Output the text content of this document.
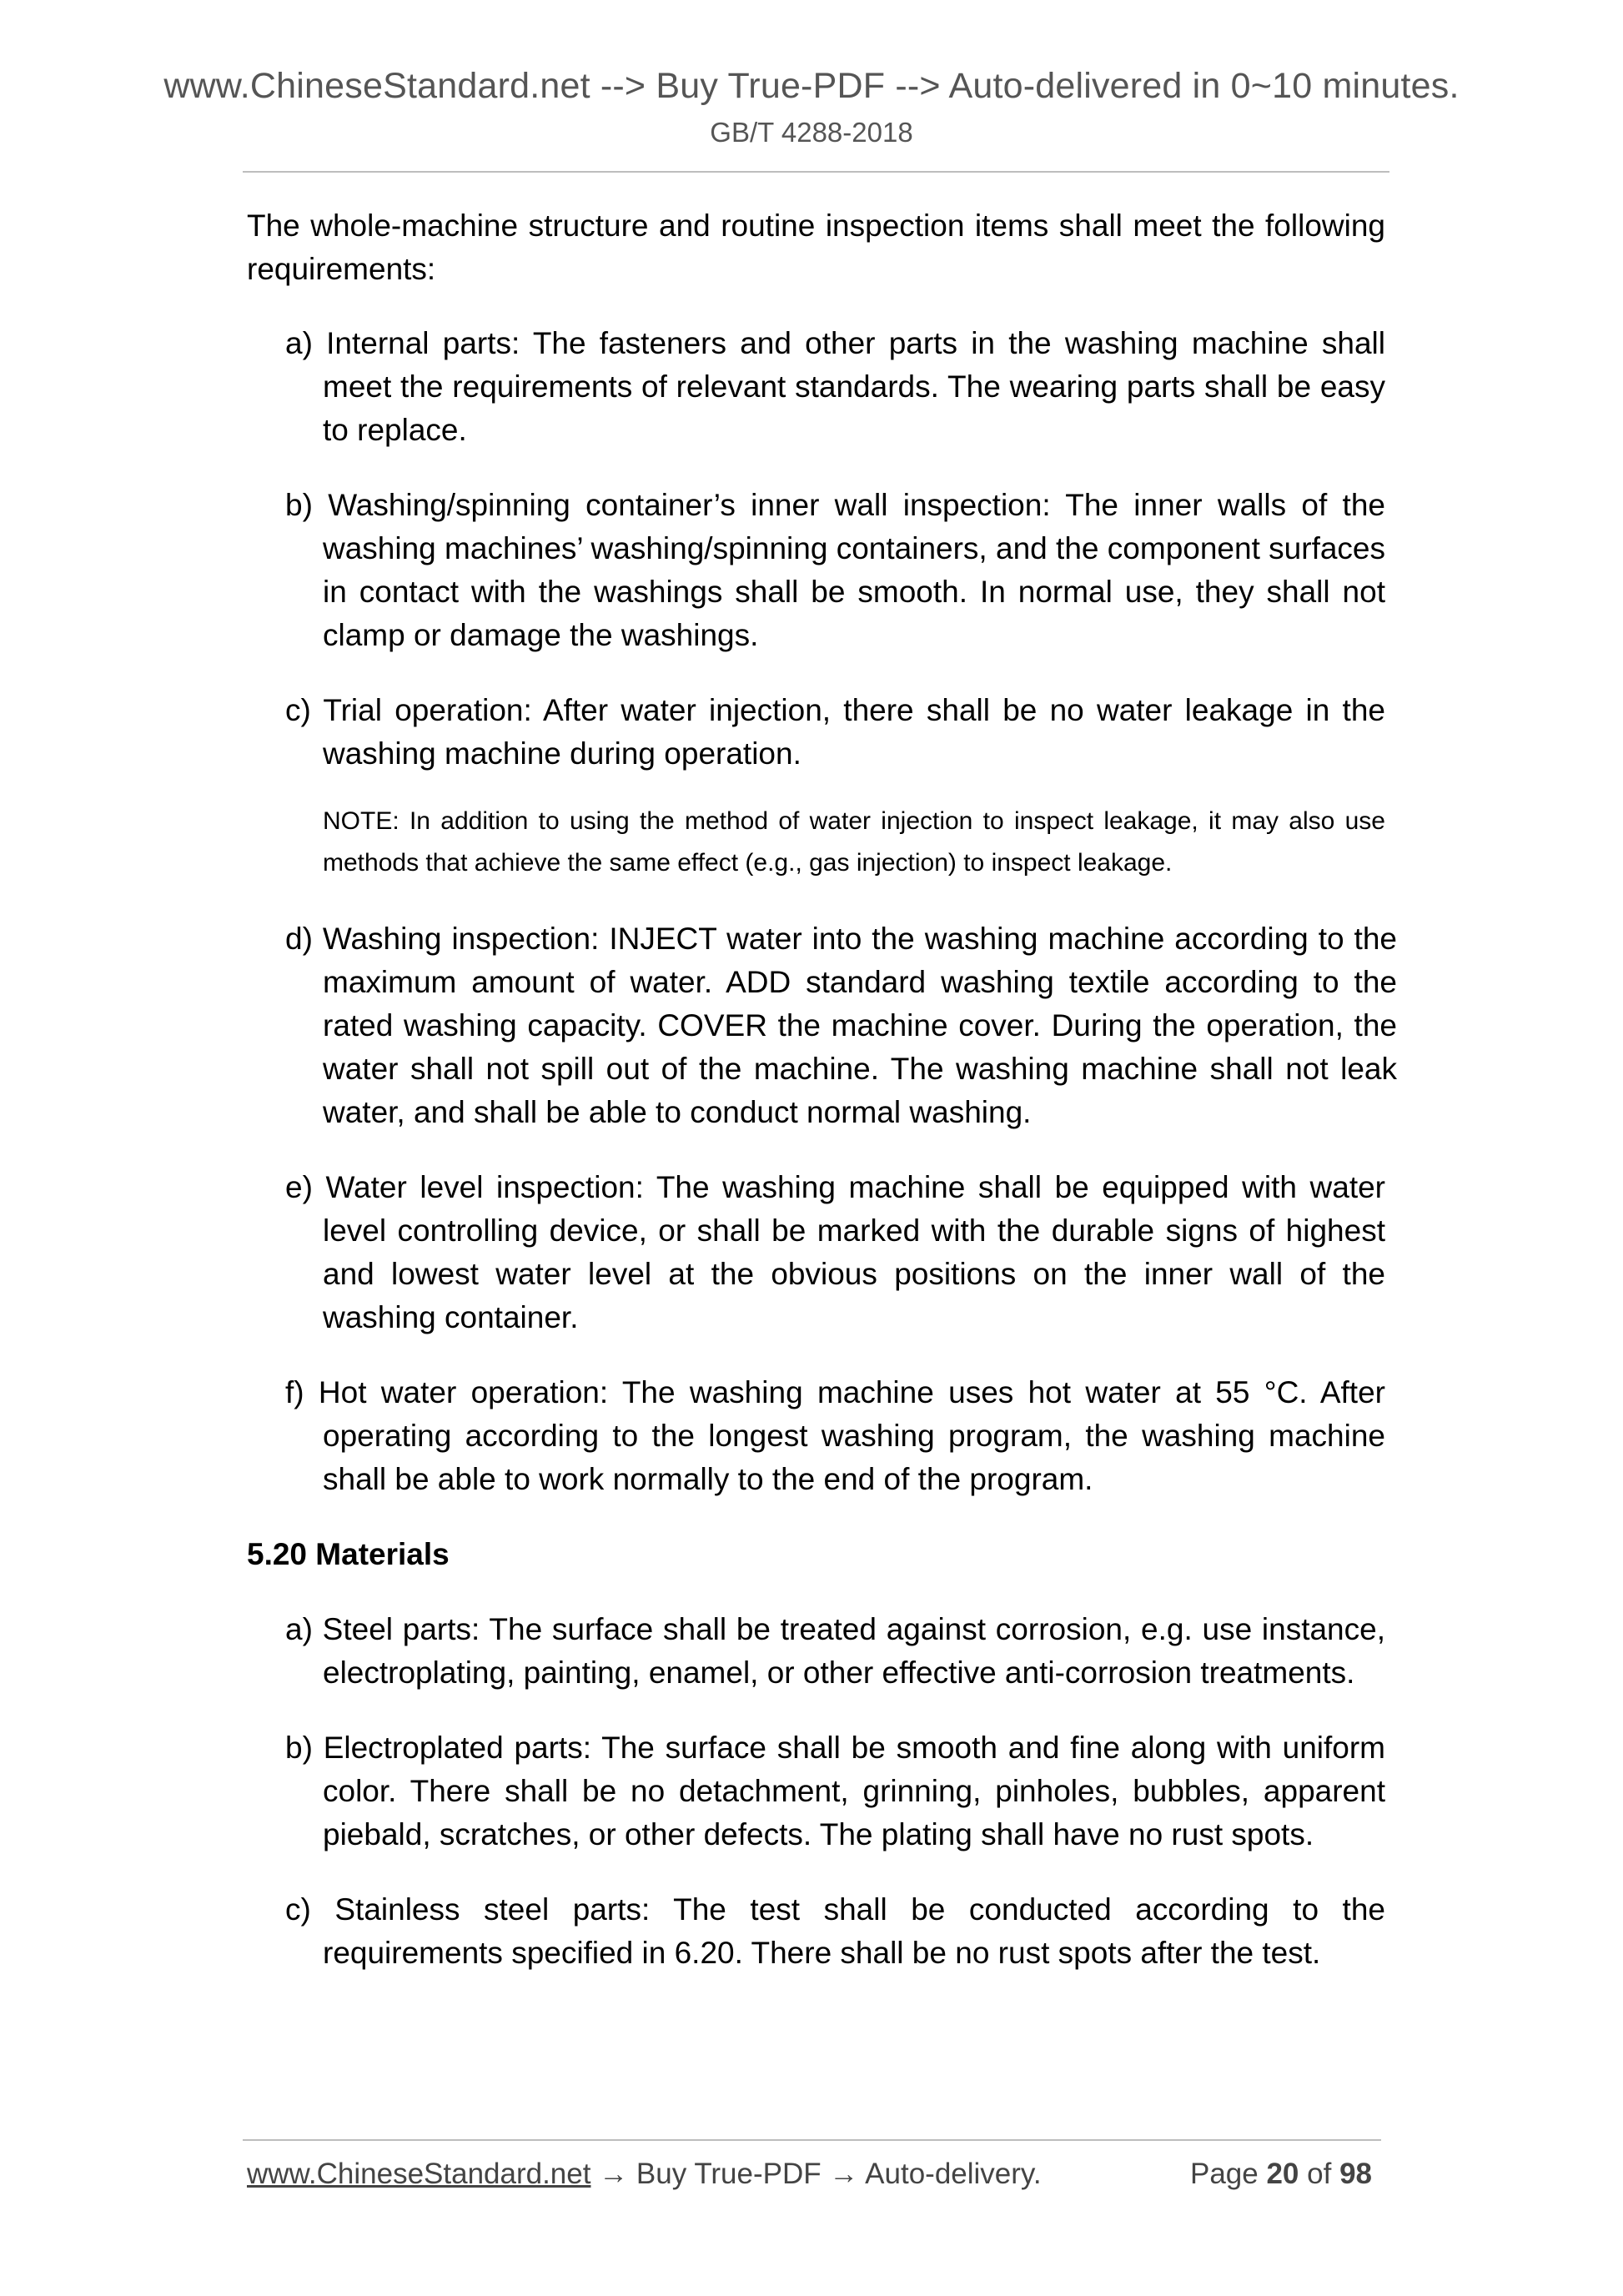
www.ChineseStandard.net --> Buy True-PDF --> Auto-delivered in 0~10 minutes.
GB/T 4288-2018

The whole-machine structure and routine inspection items shall meet the following requirements:

a) Internal parts: The fasteners and other parts in the washing machine shall meet the requirements of relevant standards. The wearing parts shall be easy to replace.

b) Washing/spinning container’s inner wall inspection: The inner walls of the washing machines’ washing/spinning containers, and the component surfaces in contact with the washings shall be smooth. In normal use, they shall not clamp or damage the washings.

c) Trial operation: After water injection, there shall be no water leakage in the washing machine during operation.

NOTE: In addition to using the method of water injection to inspect leakage, it may also use methods that achieve the same effect (e.g., gas injection) to inspect leakage.

d) Washing inspection: INJECT water into the washing machine according to the maximum amount of water. ADD standard washing textile according to the rated washing capacity. COVER the machine cover. During the operation, the water shall not spill out of the machine. The washing machine shall not leak water, and shall be able to conduct normal washing.

e) Water level inspection: The washing machine shall be equipped with water level controlling device, or shall be marked with the durable signs of highest and lowest water level at the obvious positions on the inner wall of the washing container.

f) Hot water operation: The washing machine uses hot water at 55 °C. After operating according to the longest washing program, the washing machine shall be able to work normally to the end of the program.

5.20 Materials

a) Steel parts: The surface shall be treated against corrosion, e.g. use instance, electroplating, painting, enamel, or other effective anti-corrosion treatments.

b) Electroplated parts: The surface shall be smooth and fine along with uniform color. There shall be no detachment, grinning, pinholes, bubbles, apparent piebald, scratches, or other defects. The plating shall have no rust spots.

c) Stainless steel parts: The test shall be conducted according to the requirements specified in 6.20. There shall be no rust spots after the test.

www.ChineseStandard.net → Buy True-PDF → Auto-delivery.	Page 20 of 98
